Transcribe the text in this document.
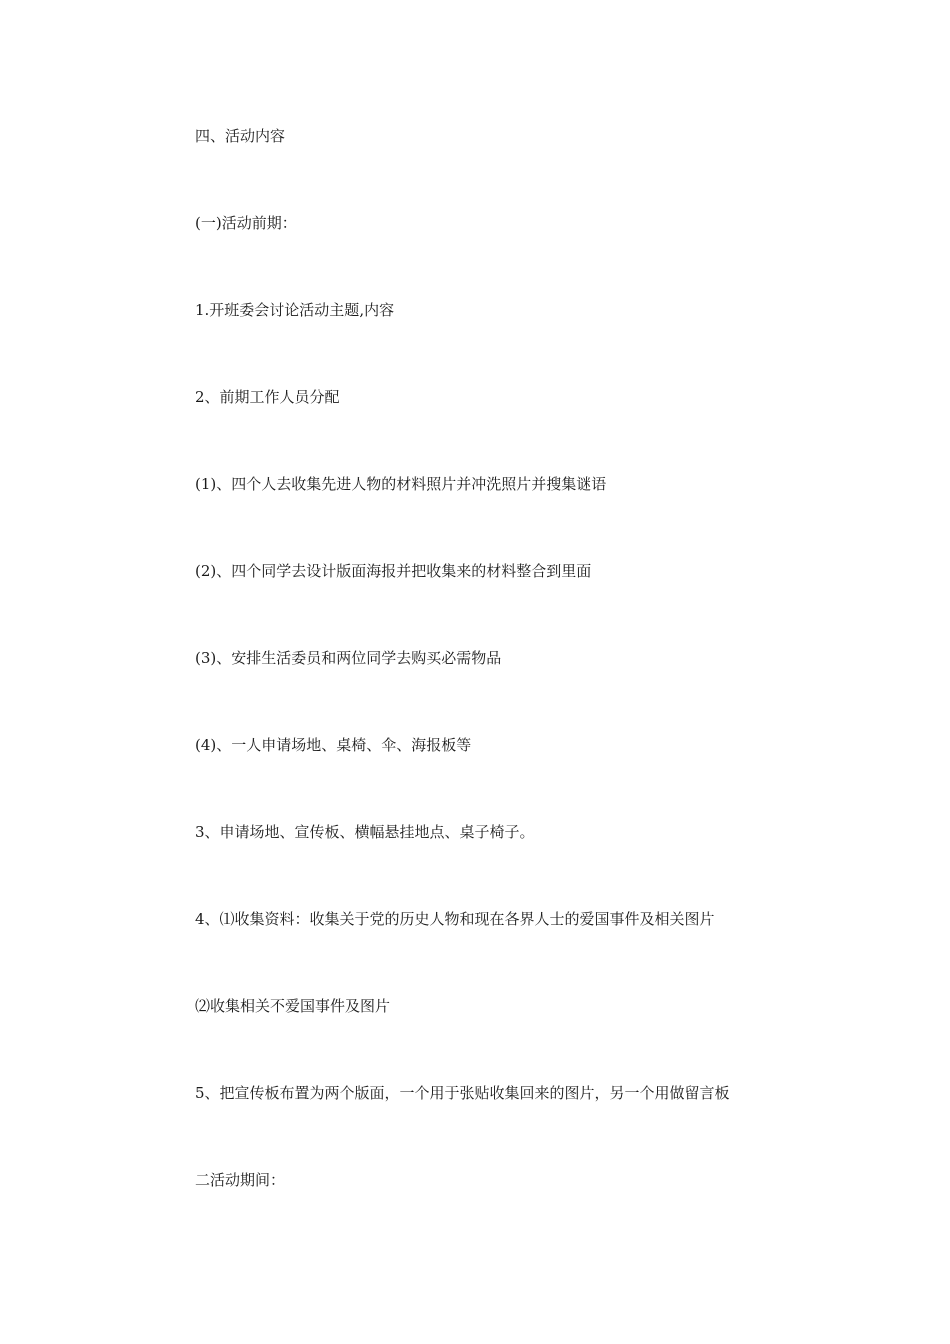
四、活动内容
(一)活动前期：
1.开班委会讨论活动主题,内容
2、前期工作人员分配
(1)、四个人去收集先进人物的材料照片并冲洗照片并搜集谜语
(2)、四个同学去设计版面海报并把收集来的材料整合到里面
(3)、安排生活委员和两位同学去购买必需物品
(4)、一人申请场地、桌椅、伞、海报板等
3、申请场地、宣传板、横幅悬挂地点、桌子椅子。
4、⑴收集资料：收集关于党的历史人物和现在各界人士的爱国事件及相关图片
⑵收集相关不爱国事件及图片
5、把宣传板布置为两个版面，一个用于张贴收集回来的图片，另一个用做留言板
二活动期间：
